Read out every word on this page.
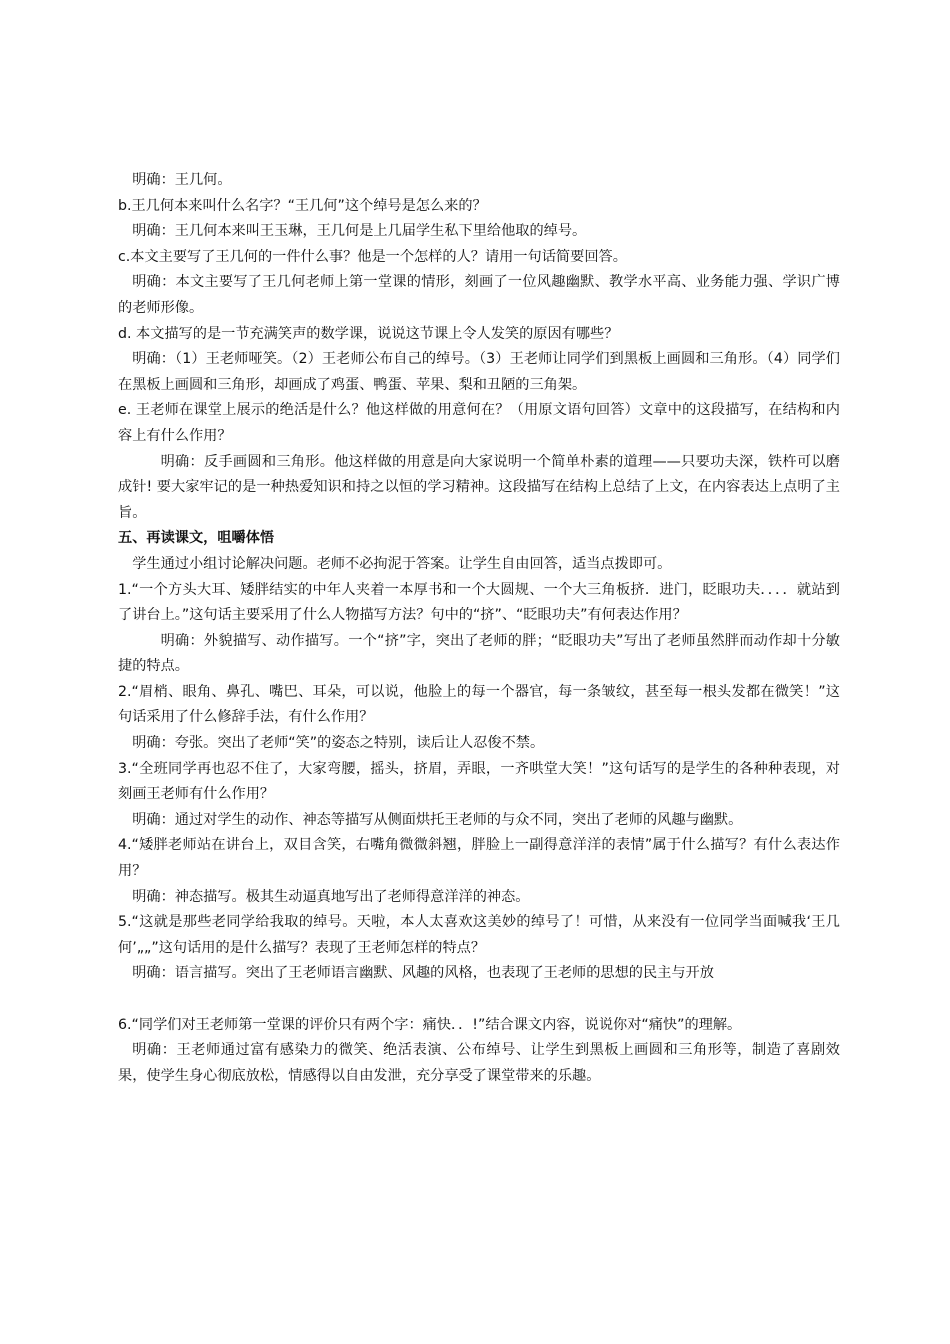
明确：王几何。

b.王几何本来叫什么名字？“王几何”这个绰号是怎么来的？

明确：王几何本来叫王玉琳，王几何是上几届学生私下里给他取的绰号。

c.本文主要写了王几何的一件什么事？他是一个怎样的人？请用一句话简要回答。

明确：本文主要写了王几何老师上第一堂课的情形，刻画了一位风趣幽默、教学水平高、业务能力强、学识广博的老师形像。

d. 本文描写的是一节充满笑声的数学课，说说这节课上令人发笑的原因有哪些？

明确：（1）王老师哑笑。（2）王老师公布自己的绰号。（3）王老师让同学们到黑板上画圆和三角形。（4）同学们在黑板上画圆和三角形，却画成了鸡蛋、鸭蛋、苹果、梨和丑陋的三角架。

e. 王老师在课堂上展示的绝活是什么？他这样做的用意何在？（用原文语句回答）文章中的这段描写，在结构和内容上有什么作用？

明确：反手画圆和三角形。他这样做的用意是向大家说明一个简单朴素的道理——只要功夫深，铁杵可以磨成针! 要大家牢记的是一种热爱知识和持之以恒的学习精神。这段描写在结构上总结了上文，在内容表达上点明了主旨。

五、再读课文，咀嚼体悟

学生通过小组讨论解决问题。老师不必拘泥于答案。让学生自由回答，适当点拨即可。

1.“一个方头大耳、矮胖结实的中年人夹着一本厚书和一个大圆规、一个大三角板挤．进门，眨眼功夫．．．．就站到了讲台上。”这句话主要采用了什么人物描写方法？句中的“挤”、“眨眼功夫”有何表达作用？

明确：外貌描写、动作描写。一个“挤”字，突出了老师的胖；“眨眼功夫”写出了老师虽然胖而动作却十分敏捷的特点。

2.“眉梢、眼角、鼻孔、嘴巴、耳朵，可以说，他脸上的每一个器官，每一条皱纹，甚至每一根头发都在微笑！”这句话采用了什么修辞手法，有什么作用？

明确：夸张。突出了老师“笑”的姿态之特别，读后让人忍俊不禁。

3.“全班同学再也忍不住了，大家弯腰，摇头，挤眉，弄眼，一齐哄堂大笑！”这句话写的是学生的各种种表现，对刻画王老师有什么作用？

明确：通过对学生的动作、神态等描写从侧面烘托王老师的与众不同，突出了老师的风趣与幽默。

4.“矮胖老师站在讲台上，双目含笑，右嘴角微微斜翘，胖脸上一副得意洋洋的表情”属于什么描写？有什么表达作用？

明确：神态描写。极其生动逼真地写出了老师得意洋洋的神态。

5.“这就是那些老同学给我取的绰号。天啦，本人太喜欢这美妙的绰号了！可惜，从来没有一位同学当面喊我‘王几何’„„”这句话用的是什么描写？表现了王老师怎样的特点？

明确：语言描写。突出了王老师语言幽默、风趣的风格，也表现了王老师的思想的民主与开放

6.“同学们对王老师第一堂课的评价只有两个字：痛快．．!”结合课文内容，说说你对“痛快”的理解。

明确：王老师通过富有感染力的微笑、绝活表演、公布绰号、让学生到黑板上画圆和三角形等，制造了喜剧效果，使学生身心彻底放松，情感得以自由发泄，充分享受了课堂带来的乐趣。
